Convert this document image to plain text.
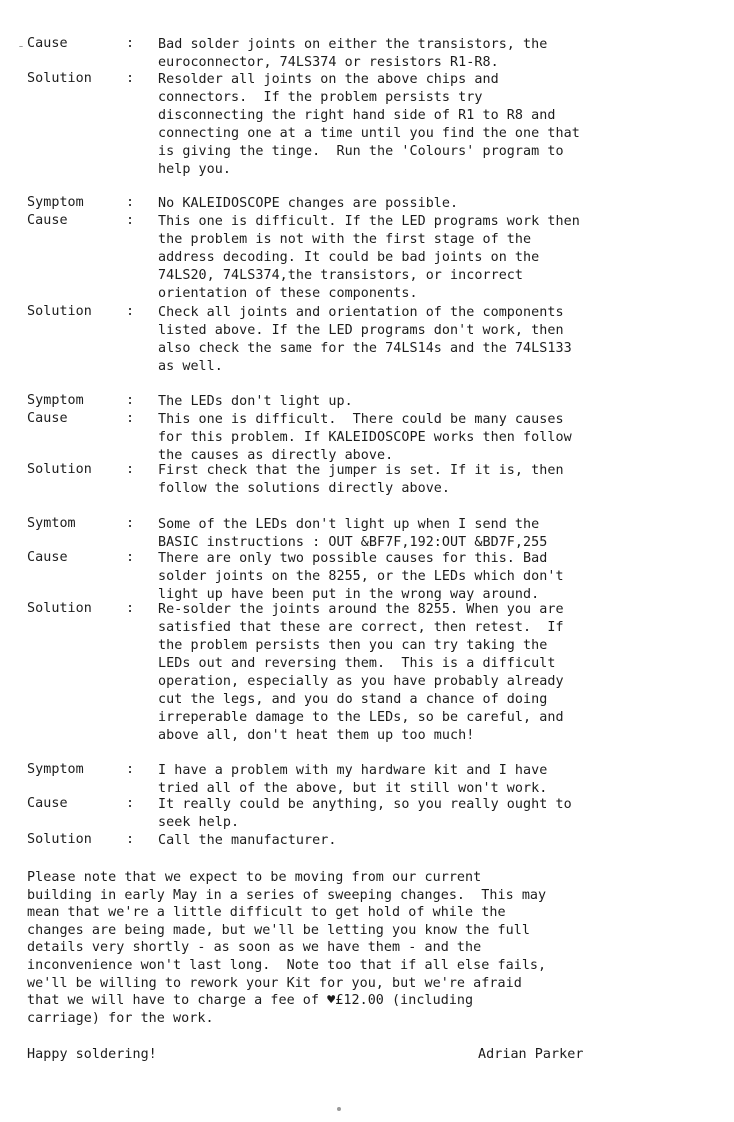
Cause	: Bad solder joints on either the transistors, the
euroconnector, 74LS374 or resistors R1-R8.
Solution	: Resolder all joints on the above chips and
connectors.  If the problem persists try
disconnecting the right hand side of R1 to R8 and
connecting one at a time until you find the one that
is giving the tinge.  Run the 'Colours' program to
help you.
Symptom	: No KALEIDOSCOPE changes are possible.
Cause	: This one is difficult. If the LED programs work then
the problem is not with the first stage of the
address decoding. It could be bad joints on the
74LS20, 74LS374,the transistors, or incorrect
orientation of these components.
Solution	: Check all joints and orientation of the components
listed above. If the LED programs don't work, then
also check the same for the 74LS14s and the 74LS133
as well.
Symptom	: The LEDs don't light up.
Cause	: This one is difficult.  There could be many causes
for this problem. If KALEIDOSCOPE works then follow
the causes as directly above.
Solution	: First check that the jumper is set. If it is, then
follow the solutions directly above.
Symtom	: Some of the LEDs don't light up when I send the
BASIC instructions : OUT &BF7F,192:OUT &BD7F,255
Cause	: There are only two possible causes for this. Bad
solder joints on the 8255, or the LEDs which don't
light up have been put in the wrong way around.
Solution	: Re-solder the joints around the 8255. When you are
satisfied that these are correct, then retest.  If
the problem persists then you can try taking the
LEDs out and reversing them.  This is a difficult
operation, especially as you have probably already
cut the legs, and you do stand a chance of doing
irreperable damage to the LEDs, so be careful, and
above all, don't heat them up too much!
Symptom	: I have a problem with my hardware kit and I have
tried all of the above, but it still won't work.
Cause	: It really could be anything, so you really ought to
seek help.
Solution	: Call the manufacturer.
Please note that we expect to be moving from our current
building in early May in a series of sweeping changes.  This may
mean that we're a little difficult to get hold of while the
changes are being made, but we'll be letting you know the full
details very shortly - as soon as we have them - and the
inconvenience won't last long.  Note too that if all else fails,
we'll be willing to rework your Kit for you, but we're afraid
that we will have to charge a fee of ♥£12.00 (including
carriage) for the work.
Happy soldering!	Adrian Parker
